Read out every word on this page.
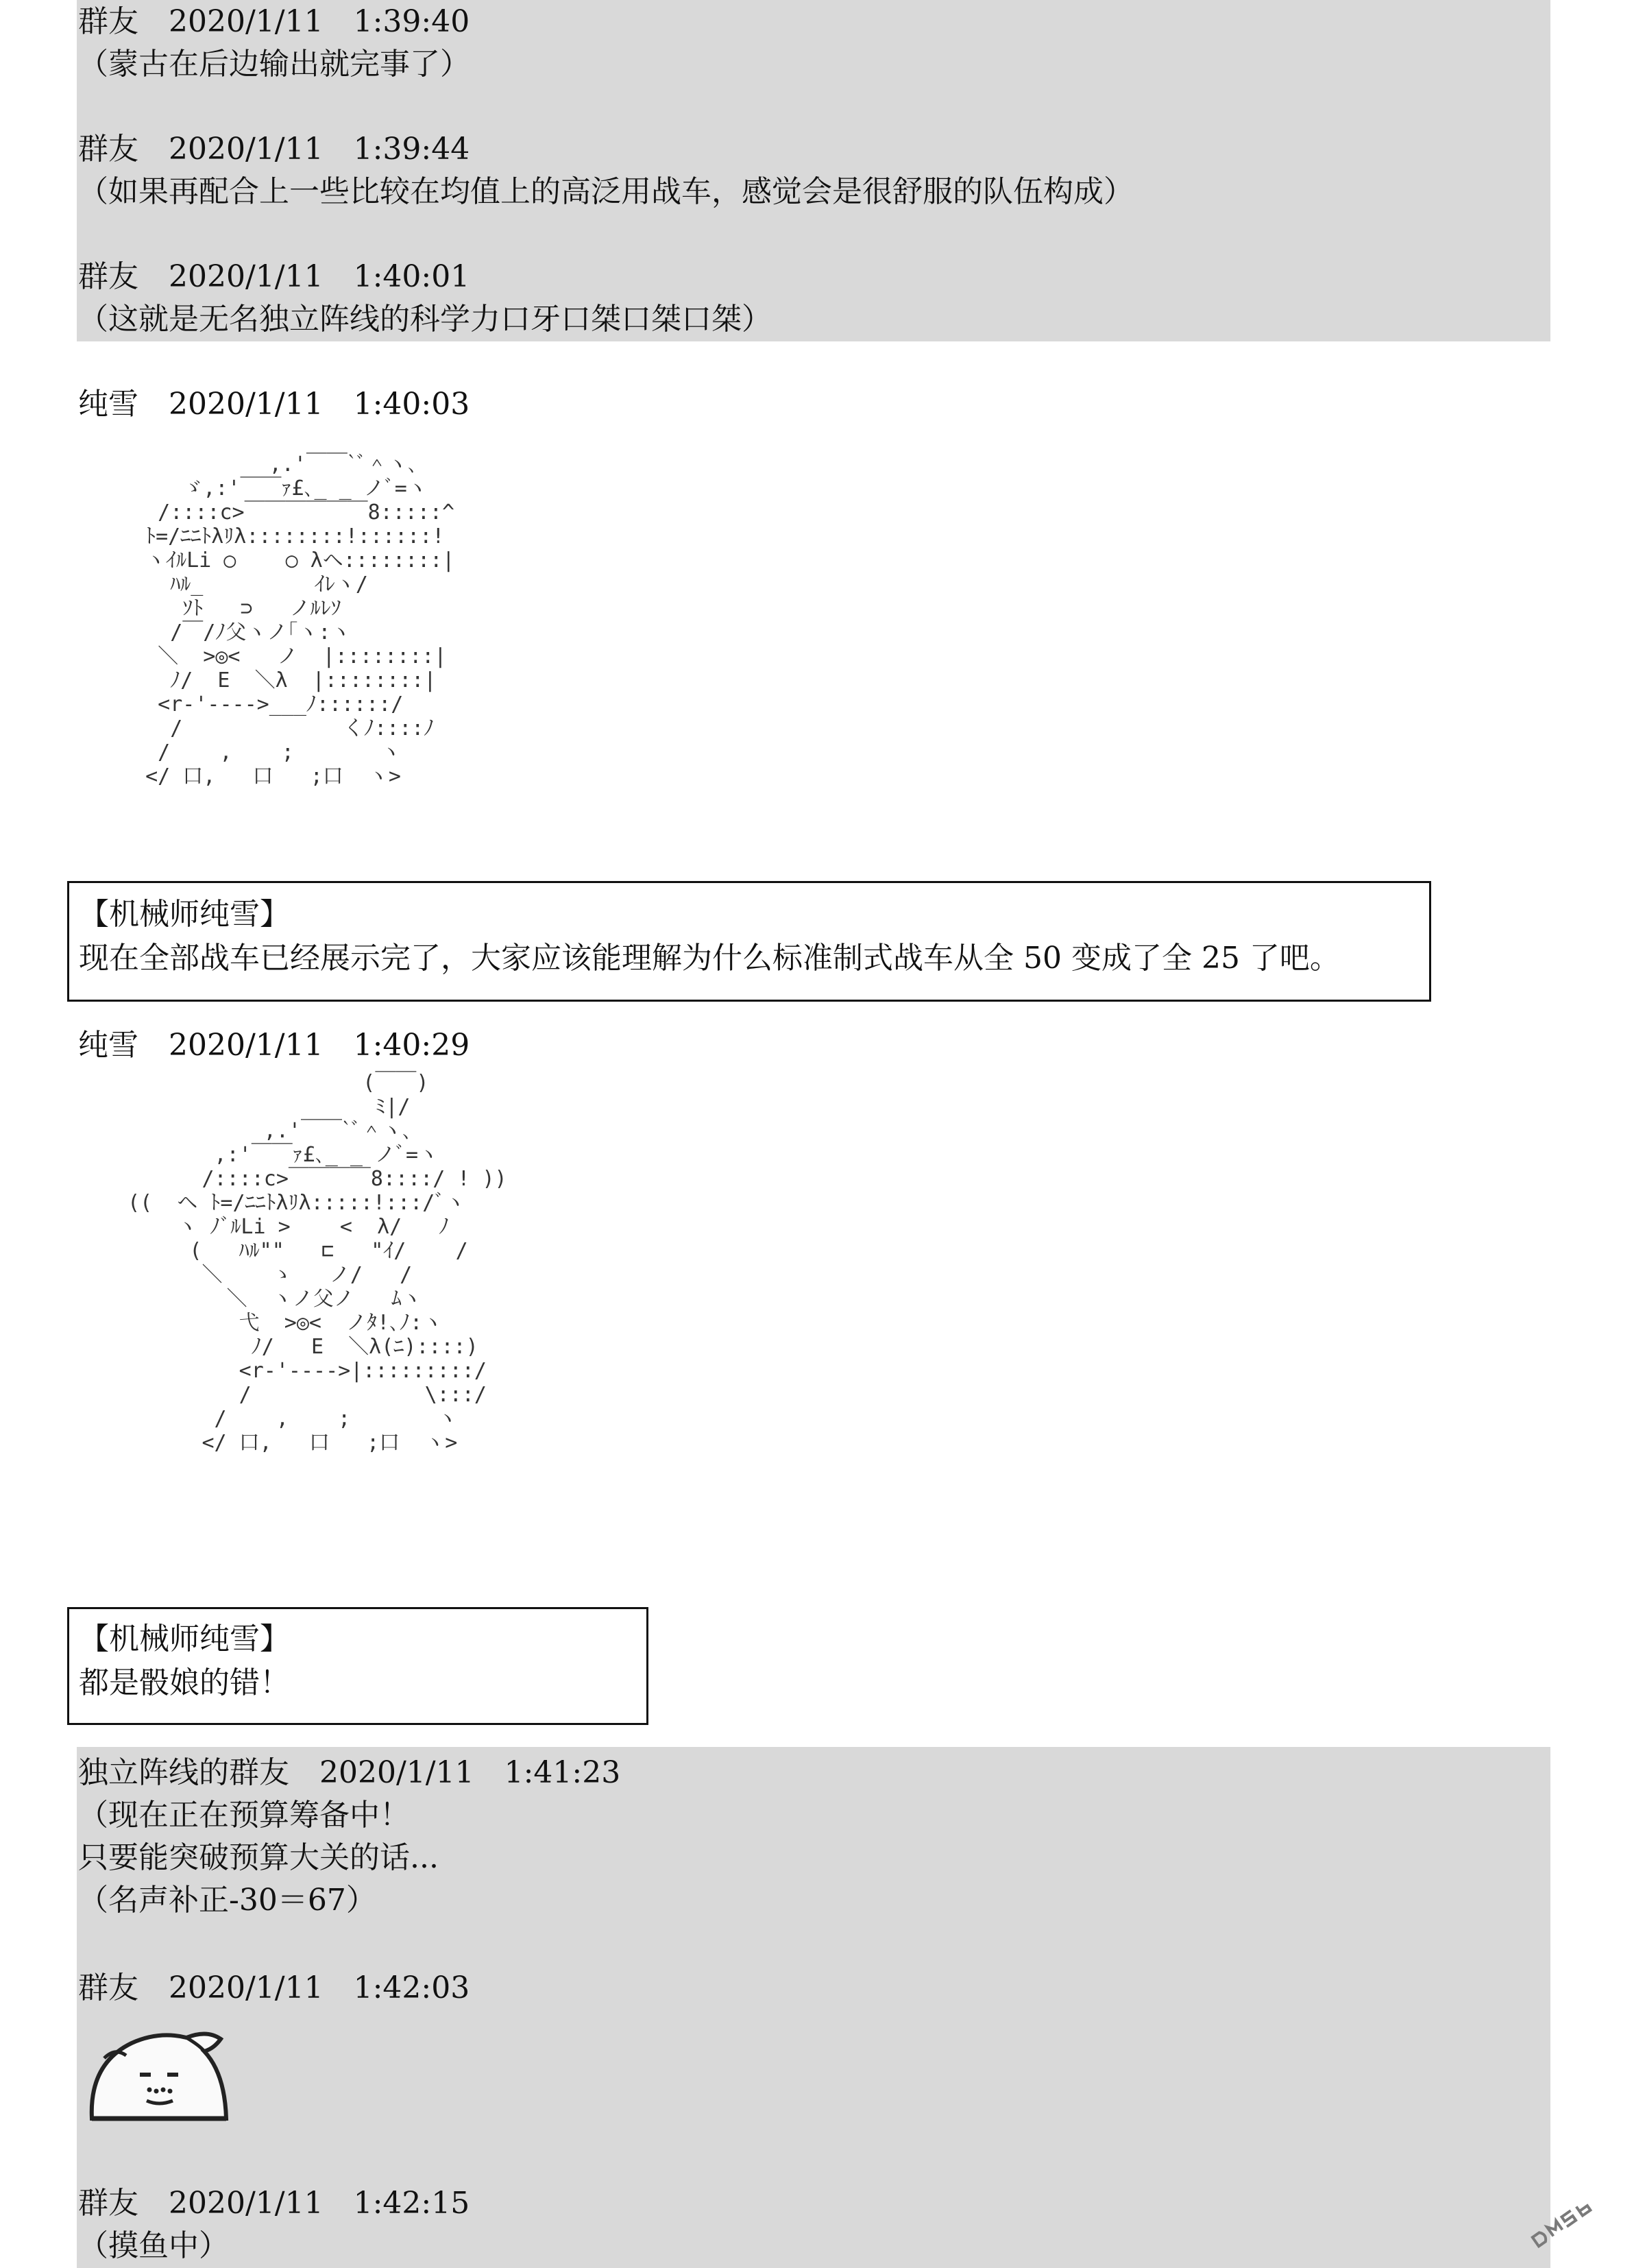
群友　2020/1/11　1:39:40
（蒙古在后边输出就完事了）
群友　2020/1/11　1:39:44
（如果再配合上一些比较在均值上的高泛用战车，感觉会是很舒服的队伍构成）
群友　2020/1/11　1:40:01
（这就是无名独立阵线的科学力口牙口桀口桀口桀）
纯雪　2020/1/11　1:40:03
,.'￣￣`ﾞ＾ヽ､
ゞ,:'￣￣ｧ£､_ _ ノﾞ=ヽ
/::::c>￣￣￣￣￣￣8:::::^
ﾄ=/ﾆﾆﾄλﾘλ::::::::!::::::!
ヽｲﾙLi ○    ○ λヘ::::::::|
ﾊﾙ_         ｲﾚヽ/
ｿﾄ   ⊃   ノﾙﾚｿ
/￣/ﾉ父ヽノ｢ヽ:ヽ
＼  >◎<   ノ  |::::::::|
ﾉ/  E  ＼λ  |::::::::|
<r-'---->___ﾉ::::::/
/             くﾉ::::ﾉ
/    ,    ;       ヽ
</ 口,   口   ;口  ヽ>
【机械师纯雪】
现在全部战车已经展示完了，大家应该能理解为什么标准制式战车从全 50 变成了全 25 了吧。
纯雪　2020/1/11　1:40:29
(￣￣)
ﾐ|/
,.'￣￣`ﾞ＾ヽ､
,:'￣￣ｧ£､_ _ ノﾞ=ヽ
/::::c>￣￣￣￣8::::/ ! ))
((  ヘ ﾄ=/ﾆﾆﾄλﾘλ:::::!:::/ﾞヽ
ヽ ﾉﾞﾙLi >    <  λ/   ﾉ
(   ﾊﾙ""   ⊏   "ｲ/    /
＼    ゝ   ノ/   /
＼  ヽノ父ノ   ﾑヽ
弋  >◎<  ノﾀ!､ﾉ:ヽ
ﾉ/   E  ＼λ(ﾆ)::::)
<r-'---->|:::::::::/
/              \:::/
/    ,    ;       ヽ
</ 口,   口   ;口  ヽ>
【机械师纯雪】
都是骰娘的错！
独立阵线的群友　2020/1/11　1:41:23
（现在正在预算筹备中！
只要能突破预算大关的话...
（名声补正-30＝67）
群友　2020/1/11　1:42:03
群友　2020/1/11　1:42:15
（摸鱼中）
